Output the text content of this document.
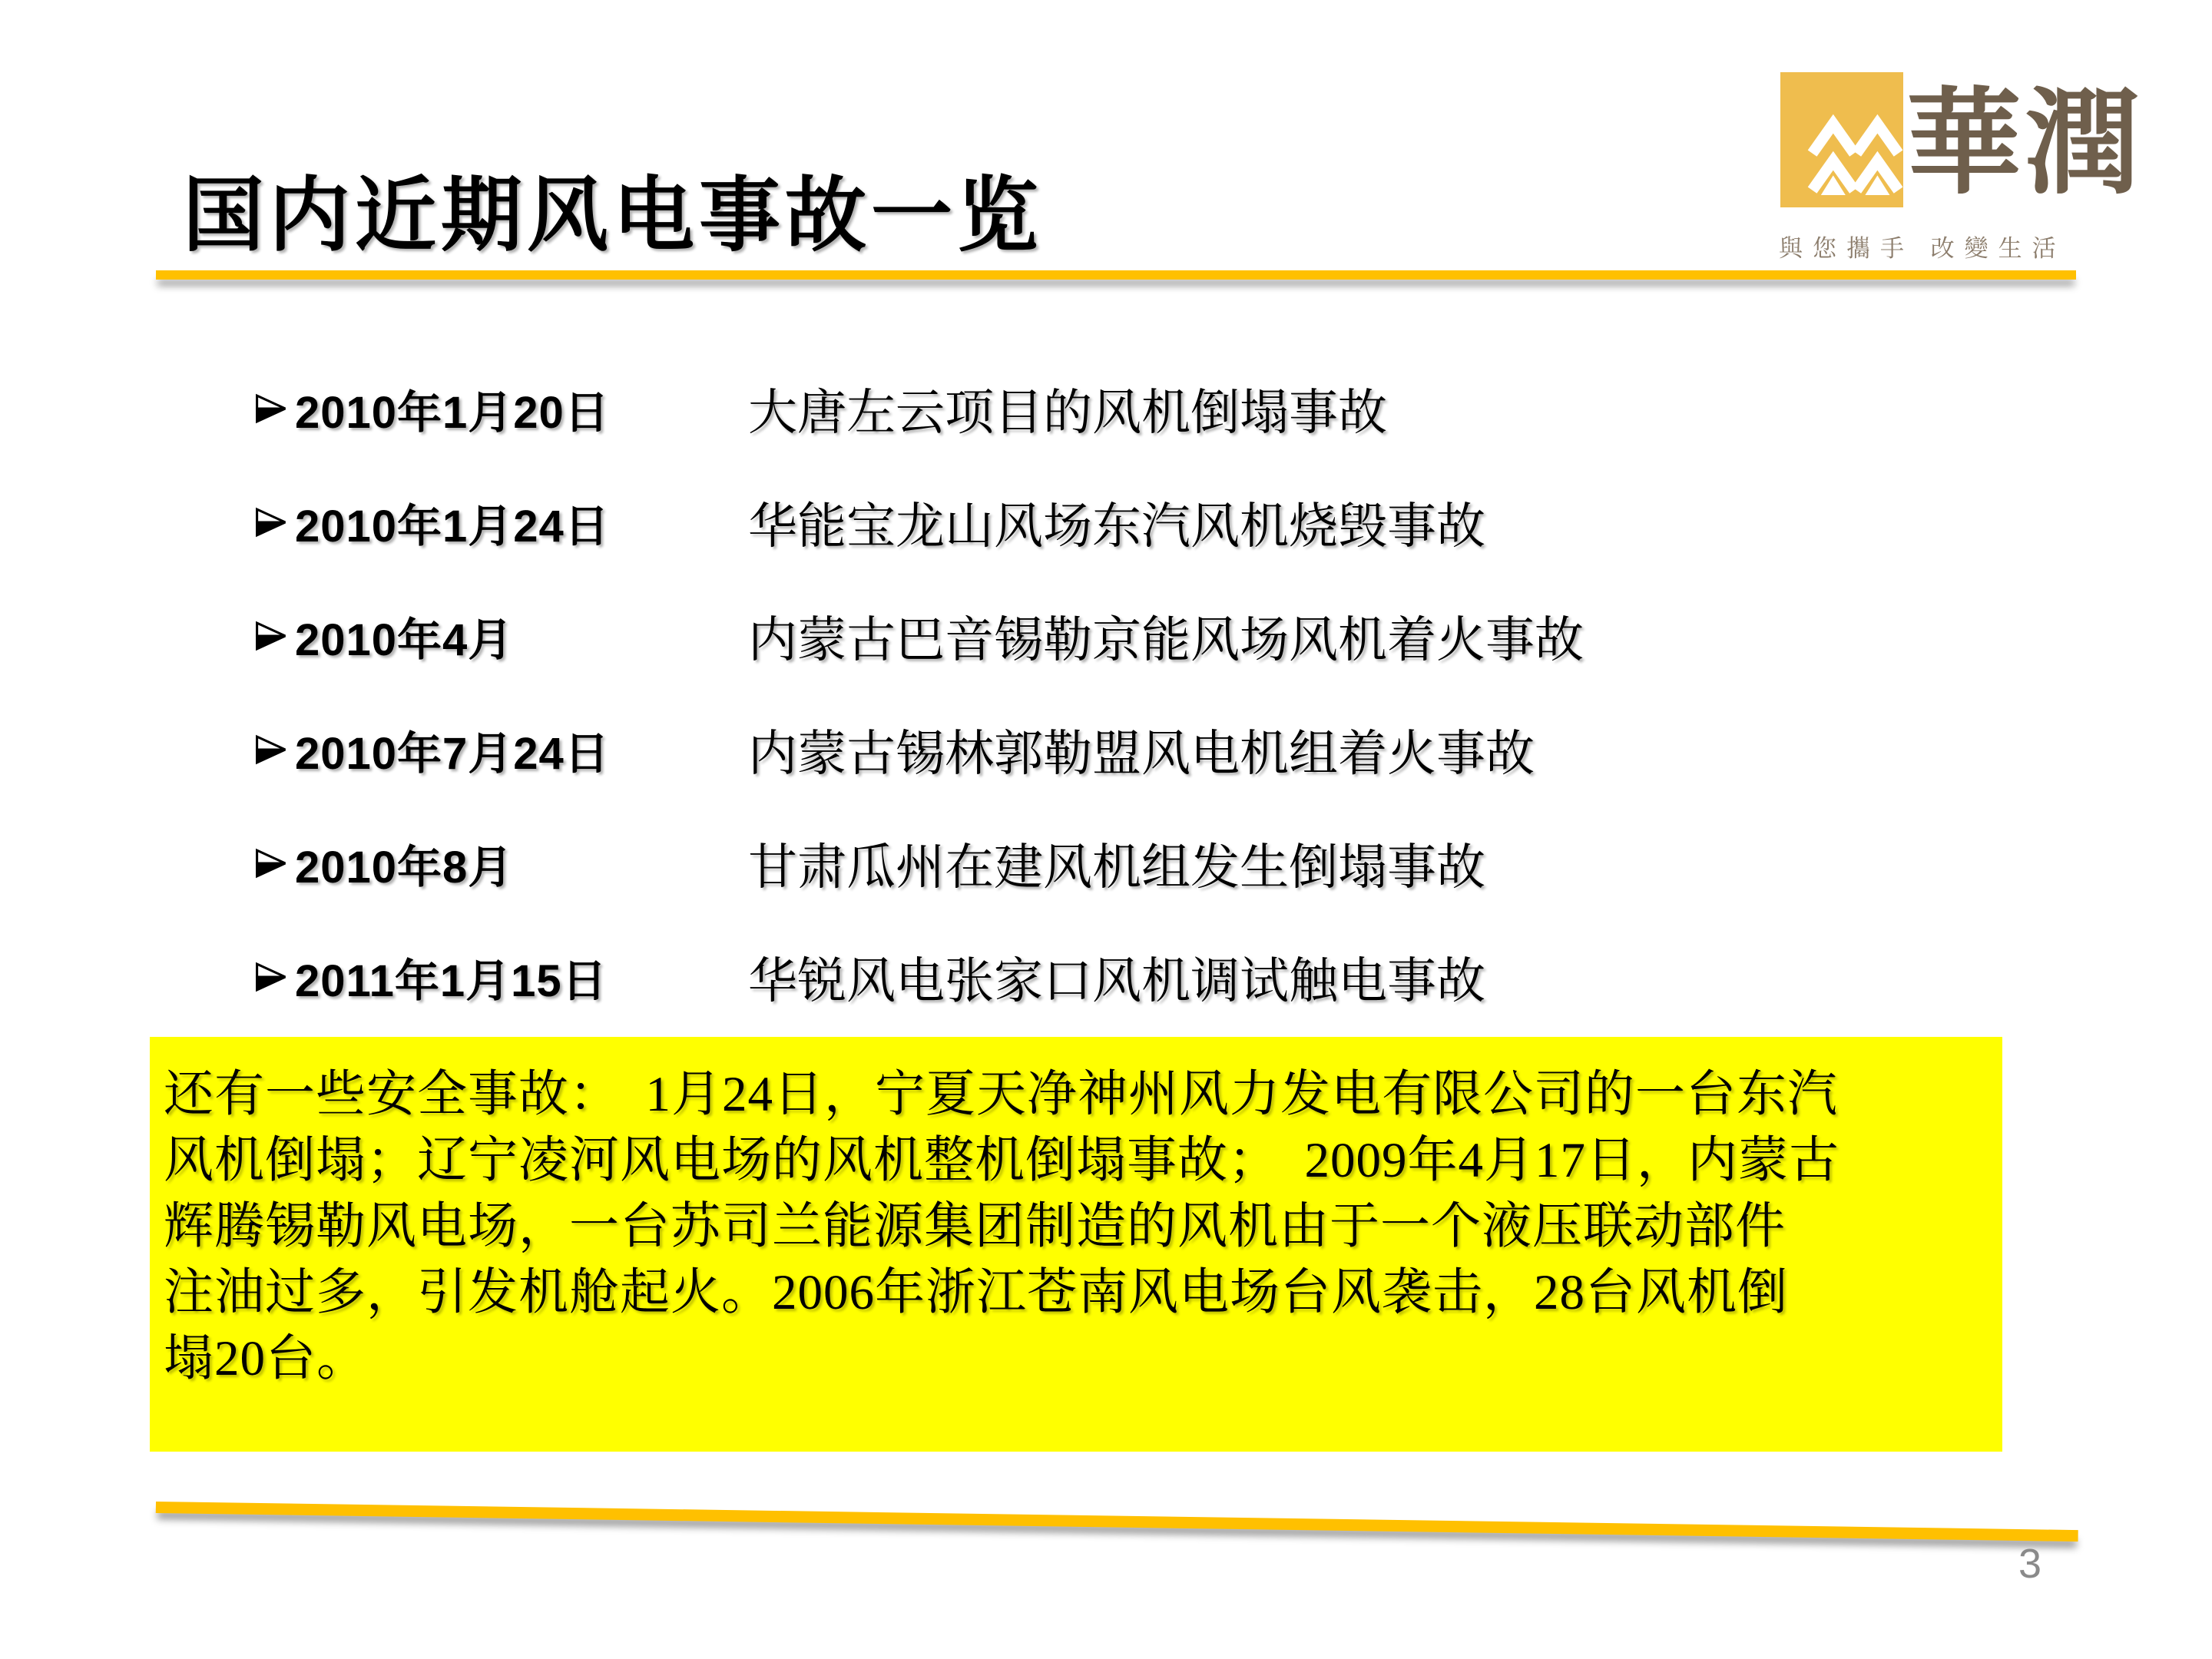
国内近期风电事故一览
華潤
與您攜手 改變生活
2010年1月20日	大唐左云项目的风机倒塌事故
2010年1月24日	华能宝龙山风场东汽风机烧毁事故
2010年4月	内蒙古巴音锡勒京能风场风机着火事故
2010年7月24日	内蒙古锡林郭勒盟风电机组着火事故
2010年8月	甘肃瓜州在建风机组发生倒塌事故
2011年1月15日	华锐风电张家口风机调试触电事故
还有一些安全事故：　1月24日，宁夏天净神州风力发电有限公司的一台东汽
风机倒塌；辽宁凌河风电场的风机整机倒塌事故；　2009年4月17日，内蒙古
辉腾锡勒风电场，一台苏司兰能源集团制造的风机由于一个液压联动部件
注油过多，引发机舱起火。2006年浙江苍南风电场台风袭击，28台风机倒
塌20台。
3
